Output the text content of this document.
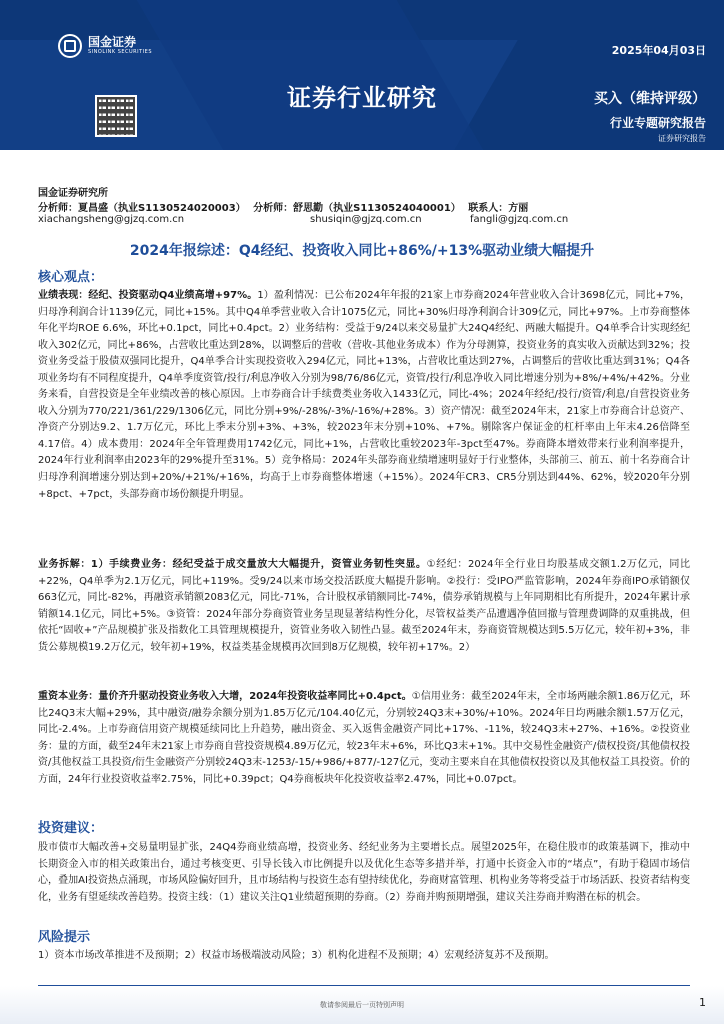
国金证券
SINOLINK SECURITIES	2025年04月03日
证券行业研究	买入（维持评级）
行业专题研究报告
证券研究报告
国金证券研究所
分析师：夏昌盛（执业S1130524020003） 分析师：舒思勤（执业S1130524040001） 联系人：方丽
xiachangsheng@gjzq.com.cn	shusiqin@gjzq.com.cn	fangli@gjzq.com.cn
2024年报综述：Q4经纪、投资收入同比+86%/+13%驱动业绩大幅提升
核心观点：
业绩表现：经纪、投资驱动Q4业绩高增+97%。1）盈利情况：已公布2024年年报的21家上市券商2024年营业收入合计3698亿元，同比+7%，归母净利润合计1139亿元，同比+15%。其中Q4单季营业收入合计1075亿元，同比+30%归母净利润合计309亿元，同比+97%。上市券商整体年化平均ROE 6.6%，环比+0.1pct，同比+0.4pct。2）业务结构：受益于9/24以来交易量扩大24Q4经纪、两融大幅提升。Q4单季合计实现经纪收入302亿元，同比+86%，占营收比重达到28%，以调整后的营收（营收-其他业务成本）作为分母测算，投资业务的真实收入贡献达到32%；投资业务受益于股债双强同比提升，Q4单季合计实现投资收入294亿元，同比+13%，占营收比重达到27%，占调整后的营收比重达到31%；Q4各项业务均有不同程度提升，Q4单季度资管/投行/利息净收入分别为98/76/86亿元，资管/投行/利息净收入同比增速分别为+8%/+4%/+42%。分业务来看，自营投资是全年业绩改善的核心原因。上市券商合计手续费类业务收入1433亿元，同比-4%；2024年经纪/投行/资管/利息/自营投资业务收入分别为770/221/361/229/1306亿元，同比分别+9%/-28%/-3%/-16%/+28%。3）资产情况：截至2024年末，21家上市券商合计总资产、净资产分别达9.2、1.7万亿元，环比上季末分别+3%、+3%，较2023年末分别+10%、+7%。剔除客户保证金的杠杆率由上年末4.26倍降至4.17倍。4）成本费用：2024年全年管理费用1742亿元，同比+1%，占营收比重较2023年-3pct至47%。券商降本增效带来行业利润率提升，2024年行业利润率由2023年的29%提升至31%。5）竞争格局：2024年头部券商业绩增速明显好于行业整体，头部前三、前五、前十名券商合计归母净利润增速分别达到+20%/+21%/+16%，均高于上市券商整体增速（+15%）。2024年CR3、CR5分别达到44%、62%，较2020年分别+8pct、+7pct，头部券商市场份额提升明显。
业务拆解：1）手续费业务：经纪受益于成交量放大大幅提升，资管业务韧性突显。①经纪：2024年全行业日均股基成交额1.2万亿元，同比+22%，Q4单季为2.1万亿元，同比+119%。受9/24以来市场交投活跃度大幅提升影响。②投行：受IPO严监管影响，2024年券商IPO承销额仅663亿元，同比-82%，再融资承销额2083亿元，同比-71%，合计股权承销额同比-74%，债券承销规模与上年同期相比有所提升，2024年累计承销额14.1亿元，同比+5%。③资管：2024年部分券商资管业务呈现显著结构性分化，尽管权益类产品遭遇净值回撤与管理费调降的双重挑战，但依托“固收+”产品规模扩张及指数化工具管理规模提升，资管业务收入韧性凸显。截至2024年末，券商资管规模达到5.5万亿元，较年初+3%，非货公募规模19.2万亿元，较年初+19%，权益类基金规模再次回到8万亿规模，较年初+17%。2）
重资本业务：量价齐升驱动投资业务收入大增，2024年投资收益率同比+0.4pct。①信用业务：截至2024年末，全市场两融余额1.86万亿元，环比24Q3末大幅+29%，其中融资/融券余额分别为1.85万亿元/104.40亿元，分别较24Q3末+30%/+10%。2024年日均两融余额1.57万亿元，同比-2.4%。上市券商信用资产规模延续同比上升趋势，融出资金、买入返售金融资产同比+17%、-11%，较24Q3末+27%、+16%。②投资业务：量的方面，截至24年末21家上市券商自营投资规模4.89万亿元，较23年末+6%，环比Q3末+1%。其中交易性金融资产/债权投资/其他债权投资/其他权益工具投资/衍生金融资产分别较24Q3末-1253/-15/+986/+877/-127亿元，变动主要来自在其他债权投资以及其他权益工具投资。价的方面，24年行业投资收益率2.75%，同比+0.39pct；Q4券商板块年化投资收益率2.47%，同比+0.07pct。
投资建议：
股市债市大幅改善+交易量明显扩张，24Q4券商业绩高增，投资业务、经纪业务为主要增长点。展望2025年，在稳住股市的政策基调下，推动中长期资金入市的相关政策出台，通过考核变更、引导长钱入市比例提升以及优化生态等多措并举，打通中长资金入市的“堵点”，有助于稳固市场信心，叠加AI投资热点涌现，市场风险偏好回升，且市场结构与投资生态有望持续优化，券商财富管理、机构业务等将受益于市场活跃、投资者结构变化，业务有望延续改善趋势。投资主线：（1）建议关注Q1业绩超预期的券商。（2）券商并购预期增强，建议关注券商并购潜在标的机会。
风险提示
1）资本市场改革推进不及预期；2）权益市场极端波动风险；3）机构化进程不及预期；4）宏观经济复苏不及预期。
敬请参阅最后一页特别声明	1
